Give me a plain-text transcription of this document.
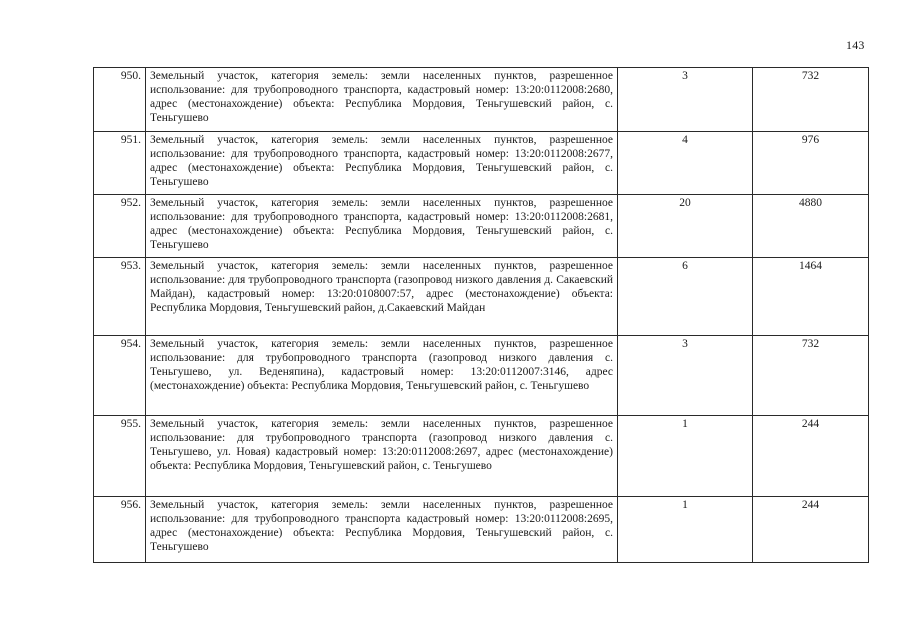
143
950.	Земельный участок, категория земель: земли населенных пунктов, разрешенное использование: для трубопроводного транспорта, кадастровый номер: 13:20:0112008:2680, адрес (местонахождение) объекта: Республика Мордовия, Теньгушевский район, с. Теньгушево	3	732
951.	Земельный участок, категория земель: земли населенных пунктов, разрешенное использование: для трубопроводного транспорта, кадастровый номер: 13:20:0112008:2677, адрес (местонахождение) объекта: Республика Мордовия, Теньгушевский район, с. Теньгушево	4	976
952.	Земельный участок, категория земель: земли населенных пунктов, разрешенное использование: для трубопроводного транспорта, кадастровый номер: 13:20:0112008:2681, адрес (местонахождение) объекта: Республика Мордовия, Теньгушевский район, с. Теньгушево	20	4880
953.	Земельный участок, категория земель: земли населенных пунктов, разрешенное использование: для трубопроводного транспорта (газопровод низкого давления д. Сакаевский Майдан), кадастровый номер: 13:20:0108007:57, адрес (местонахождение) объекта: Республика Мордовия, Теньгушевский район, д.Сакаевский Майдан	6	1464
954.	Земельный участок, категория земель: земли населенных пунктов, разрешенное использование: для трубопроводного транспорта (газопровод низкого давления с. Теньгушево, ул. Веденяпина), кадастровый номер: 13:20:0112007:3146, адрес (местонахождение) объекта: Республика Мордовия, Теньгушевский район, с. Теньгушево	3	732
955.	Земельный участок, категория земель: земли населенных пунктов, разрешенное использование: для трубопроводного транспорта (газопровод низкого давления с. Теньгушево, ул. Новая) кадастровый номер: 13:20:0112008:2697, адрес (местонахождение) объекта: Республика Мордовия, Теньгушевский район, с. Теньгушево	1	244
956.	Земельный участок, категория земель: земли населенных пунктов, разрешенное использование: для трубопроводного транспорта кадастровый номер: 13:20:0112008:2695, адрес (местонахождение) объекта: Республика Мордовия, Теньгушевский район, с. Теньгушево	1	244
